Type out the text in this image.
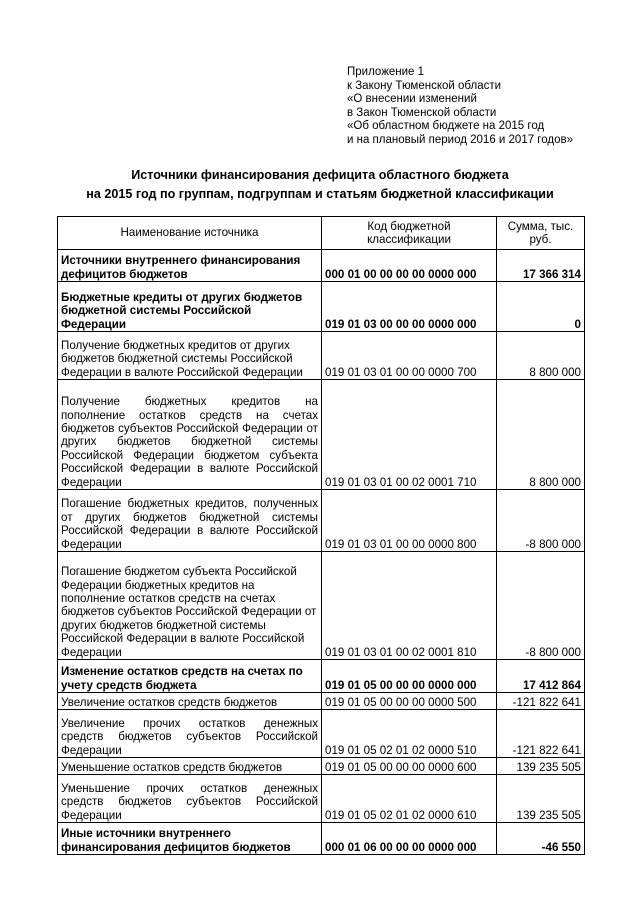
Приложение 1
к Закону Тюменской области
«О внесении изменений
в Закон Тюменской области
«Об областном бюджете на 2015 год
и на плановый период 2016 и 2017 годов»
Источники финансирования дефицита областного бюджета
на 2015 год по группам, подгруппам и статьям бюджетной классификации
Наименование источника	Код бюджетной классификации	Сумма, тыс. руб.
Источники внутреннего финансирования дефицитов бюджетов	000 01 00 00 00 00 0000 000	17 366 314
Бюджетные кредиты от других бюджетов бюджетной системы Российской Федерации	019 01 03 00 00 00 0000 000	0
Получение бюджетных кредитов от других бюджетов бюджетной системы Российской Федерации в валюте Российской Федерации	019 01 03 01 00 00 0000 700	8 800 000
Получение бюджетных кредитов на пополнение остатков средств на счетах бюджетов субъектов Российской Федерации от других бюджетов бюджетной системы Российской Федерации бюджетом субъекта Российской Федерации в валюте Российской Федерации	019 01 03 01 00 02 0001 710	8 800 000
Погашение бюджетных кредитов, полученных от других бюджетов бюджетной системы Российской Федерации в валюте Российской Федерации	019 01 03 01 00 00 0000 800	-8 800 000
Погашение бюджетом субъекта Российской Федерации бюджетных кредитов на пополнение остатков средств на счетах бюджетов субъектов Российской Федерации от других бюджетов бюджетной системы Российской Федерации в валюте Российской Федерации	019 01 03 01 00 02 0001 810	-8 800 000
Изменение остатков средств на счетах по учету средств бюджета	019 01 05 00 00 00 0000 000	17 412 864
Увеличение остатков средств бюджетов	019 01 05 00 00 00 0000 500	-121 822 641
Увеличение прочих остатков денежных средств бюджетов субъектов Российской Федерации	019 01 05 02 01 02 0000 510	-121 822 641
Уменьшение остатков средств бюджетов	019 01 05 00 00 00 0000 600	139 235 505
Уменьшение прочих остатков денежных средств бюджетов субъектов Российской Федерации	019 01 05 02 01 02 0000 610	139 235 505
Иные источники внутреннего финансирования дефицитов бюджетов	000 01 06 00 00 00 0000 000	-46 550
